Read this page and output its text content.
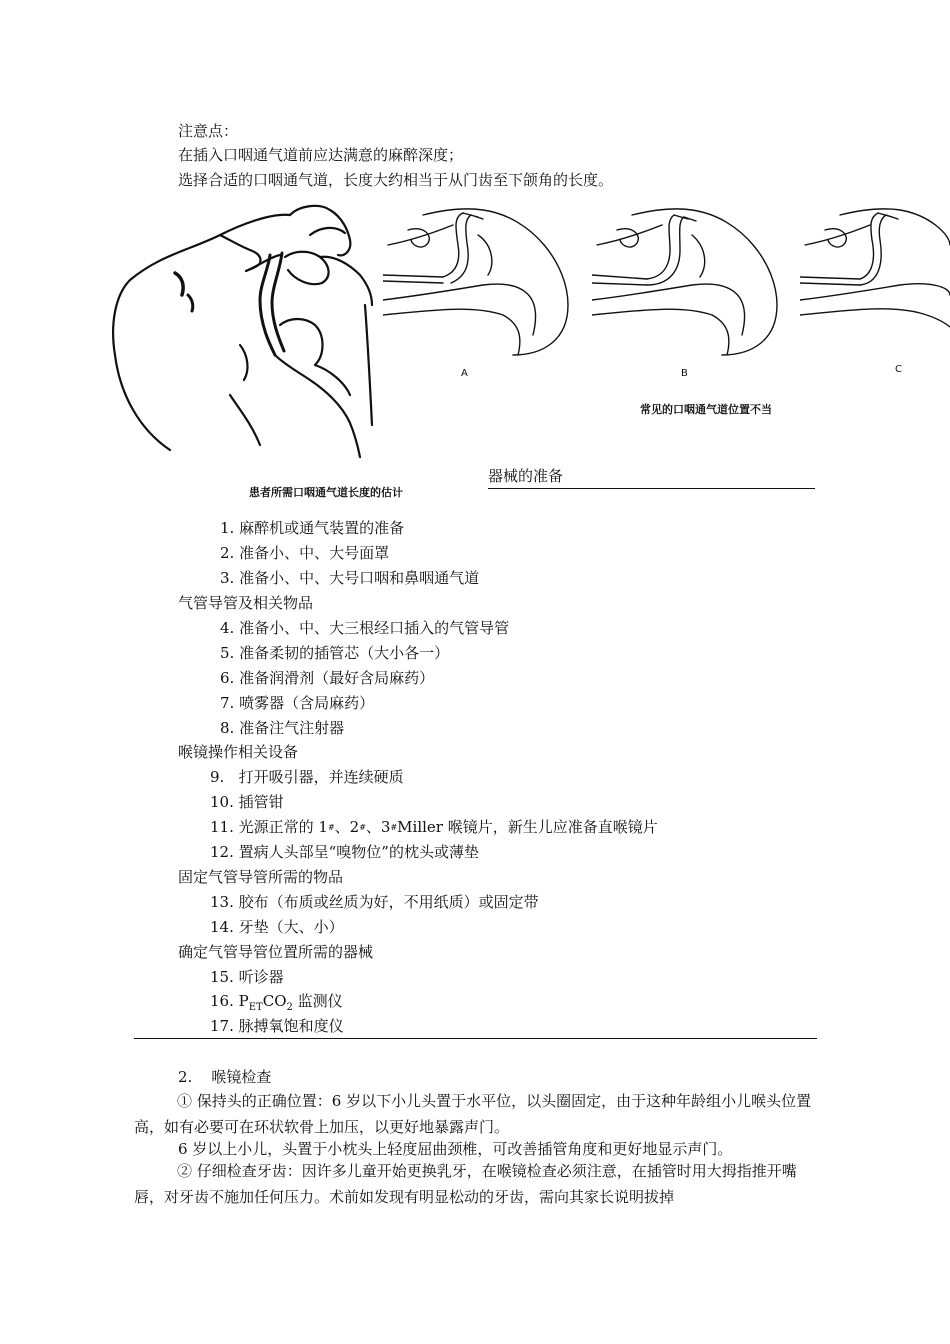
注意点：
在插入口咽通气道前应达满意的麻醉深度；
选择合适的口咽通气道，长度大约相当于从门齿至下颌角的长度。
患者所需口咽通气道长度的估计
A	B	C
常见的口咽通气道位置不当
器械的准备
1. 麻醉机或通气装置的准备
2. 准备小、中、大号面罩
3. 准备小、中、大号口咽和鼻咽通气道
气管导管及相关物品
4. 准备小、中、大三根经口插入的气管导管
5. 准备柔韧的插管芯（大小各一）
6. 准备润滑剂（最好含局麻药）
7. 喷雾器（含局麻药）
8. 准备注气注射器
喉镜操作相关设备
9. 打开吸引器，并连续硬质
10. 插管钳
11. 光源正常的 1#、2#、3#Miller 喉镜片，新生儿应准备直喉镜片
12. 置病人头部呈“嗅物位”的枕头或薄垫
固定气管导管所需的物品
13. 胶布（布质或丝质为好，不用纸质）或固定带
14. 牙垫（大、小）
确定气管导管位置所需的器械
15. 听诊器
16. $P_{ET}CO_2$ 监测仪
17. 脉搏氧饱和度仪
2. 喉镜检查
① 保持头的正确位置：6 岁以下小儿头置于水平位，以头圈固定，由于这种年龄组小儿喉头位置高，如有必要可在环状软骨上加压，以更好地暴露声门。
6 岁以上小儿，头置于小枕头上轻度屈曲颈椎，可改善插管角度和更好地显示声门。
② 仔细检查牙齿：因许多儿童开始更换乳牙，在喉镜检查必须注意，在插管时用大拇指推开嘴唇，对牙齿不施加任何压力。术前如发现有明显松动的牙齿，需向其家长说明拔掉
